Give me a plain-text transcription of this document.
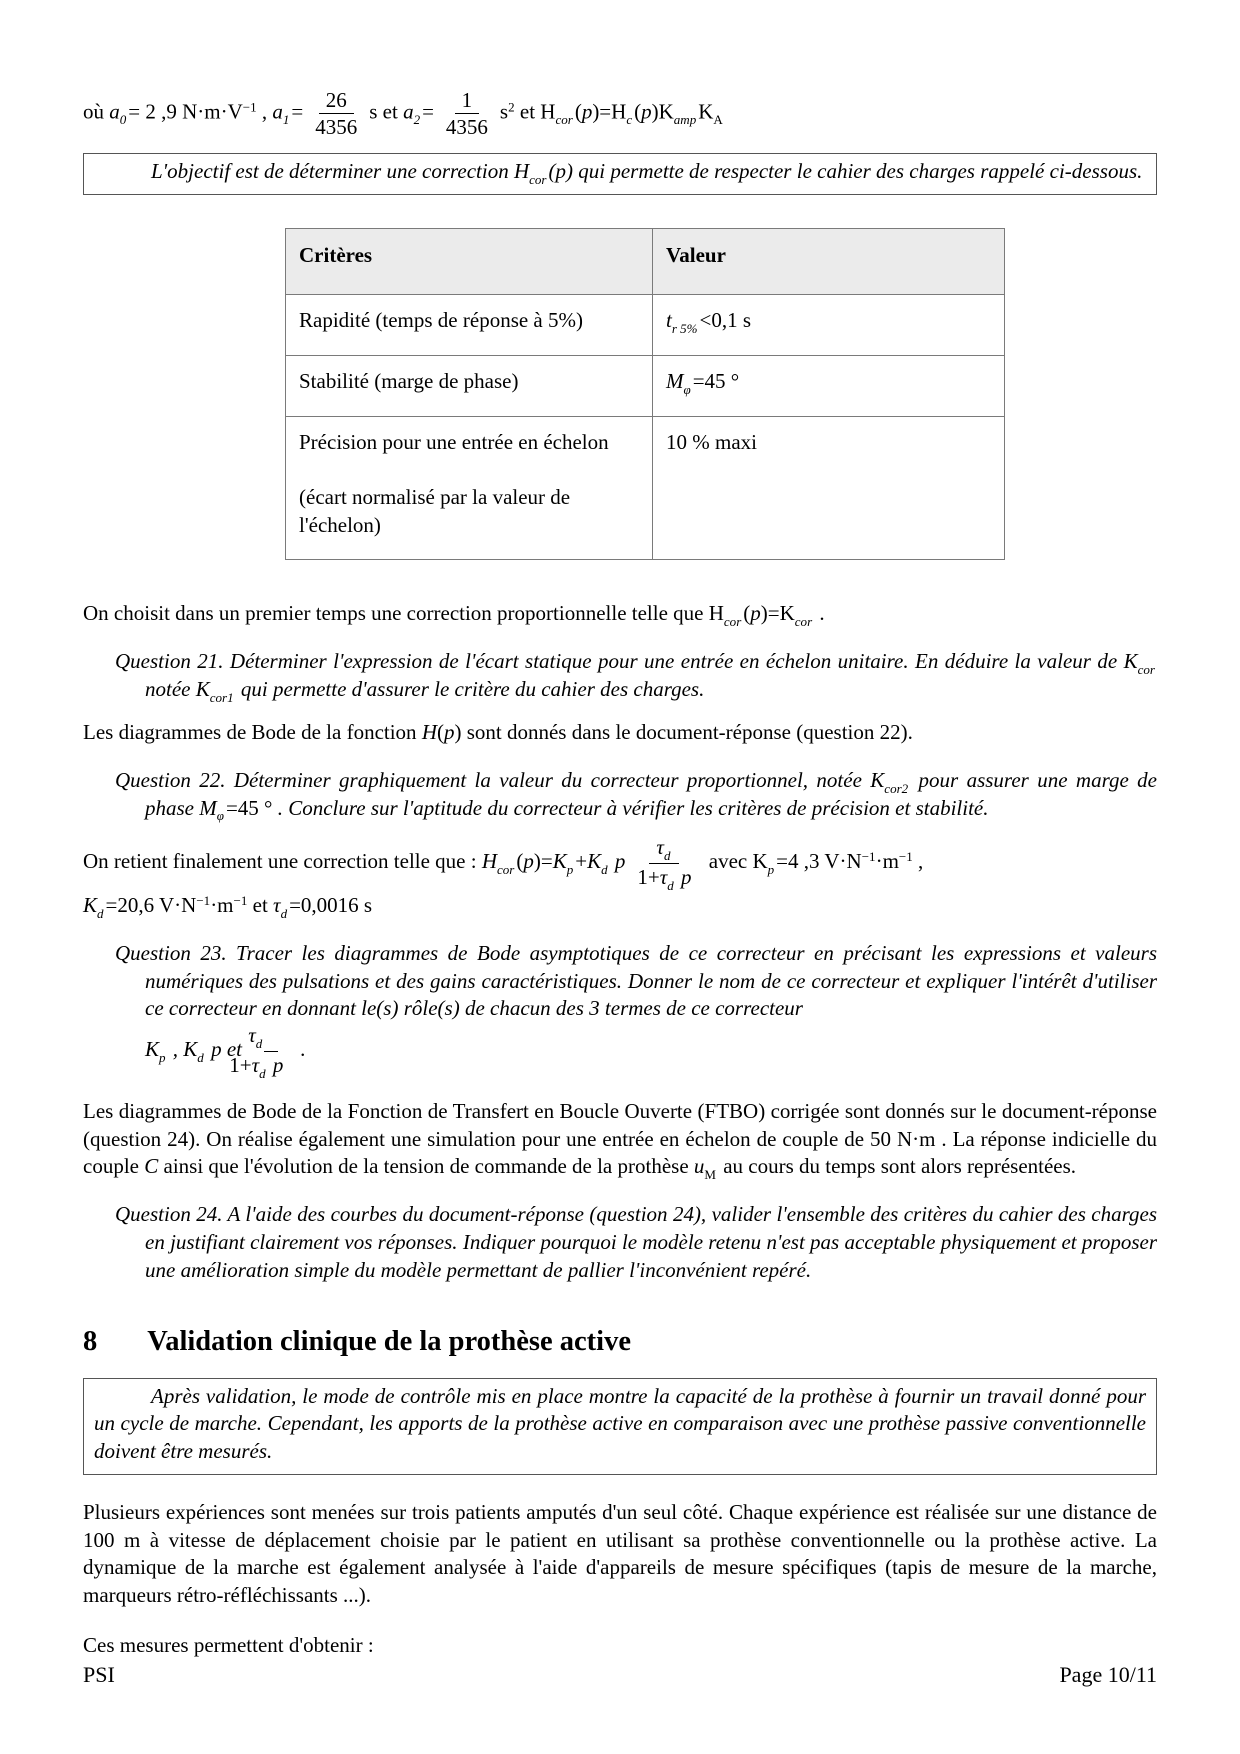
où $a_0= 2$ ,9 $N\cdot m\cdot V^{-1}$ , $a_1= \frac{26}{4356}$ s et $a_2= \frac{1}{4356} s^2$ et $H_{cor}(p)=H_c(p)K_{amp}K_A$

L'objectif est de déterminer une correction $H_{cor}(p)$ qui permette de respecter le cahier des charges rappelé ci-dessous.

Critères	Valeur
Rapidité (temps de réponse à 5%)	$t_{r 5\%}<0,1$ s
Stabilité (marge de phase)	$M_\varphi=45$ °
Précision pour une entrée en échelon

(écart normalisé par la valeur de l'échelon)	10 % maxi

On choisit dans un premier temps une correction proportionnelle telle que $H_{cor}(p)=K_{cor}$ .

Question 21. Déterminer l'expression de l'écart statique pour une entrée en échelon unitaire. En déduire la valeur de $K_{cor}$ notée $K_{cor1}$ qui permette d'assurer le critère du cahier des charges.

Les diagrammes de Bode de la fonction H(p) sont donnés dans le document-réponse (question 22).

Question 22. Déterminer graphiquement la valeur du correcteur proportionnel, notée $K_{cor2}$ pour assurer une marge de phase $M_\varphi=45$ ° . Conclure sur l'aptitude du correcteur à vérifier les critères de précision et stabilité.

On retient finalement une correction telle que : $H_{cor}(p)=K_p+K_d$ p $\frac{\tau_d}{1+\tau_d p}$ avec $K_p=4$ ,3 $V\cdot N^{-1}\cdot m^{-1}$ ,
$K_d=20,6$ $V\cdot N^{-1}\cdot m^{-1}$ et $\tau_d=0,0016$ s

Question 23. Tracer les diagrammes de Bode asymptotiques de ce correcteur en précisant les expressions et valeurs numériques des pulsations et des gains caractéristiques. Donner le nom de ce correcteur et expliquer l'intérêt d'utiliser ce correcteur en donnant le(s) rôle(s) de chacun des 3 termes de ce correcteur
$K_p$ , $K_d$ p et $\frac{\tau_d}{1+\tau_d p}$ .

Les diagrammes de Bode de la Fonction de Transfert en Boucle Ouverte (FTBO) corrigée sont donnés sur le document-réponse (question 24). On réalise également une simulation pour une entrée en échelon de couple de 50 N·m . La réponse indicielle du couple C ainsi que l'évolution de la tension de commande de la prothèse $u_M$ au cours du temps sont alors représentées.

Question 24. A l'aide des courbes du document-réponse (question 24), valider l'ensemble des critères du cahier des charges en justifiant clairement vos réponses. Indiquer pourquoi le modèle retenu n'est pas acceptable physiquement et proposer une amélioration simple du modèle permettant de pallier l'inconvénient repéré.

8 Validation clinique de la prothèse active

Après validation, le mode de contrôle mis en place montre la capacité de la prothèse à fournir un travail donné pour un cycle de marche. Cependant, les apports de la prothèse active en comparaison avec une prothèse passive conventionnelle doivent être mesurés.

Plusieurs expériences sont menées sur trois patients amputés d'un seul côté. Chaque expérience est réalisée sur une distance de 100 m à vitesse de déplacement choisie par le patient en utilisant sa prothèse conventionnelle ou la prothèse active. La dynamique de la marche est également analysée à l'aide d'appareils de mesure spécifiques (tapis de mesure de la marche, marqueurs rétro-réfléchissants ...).

Ces mesures permettent d'obtenir :

PSI	Page 10/11
